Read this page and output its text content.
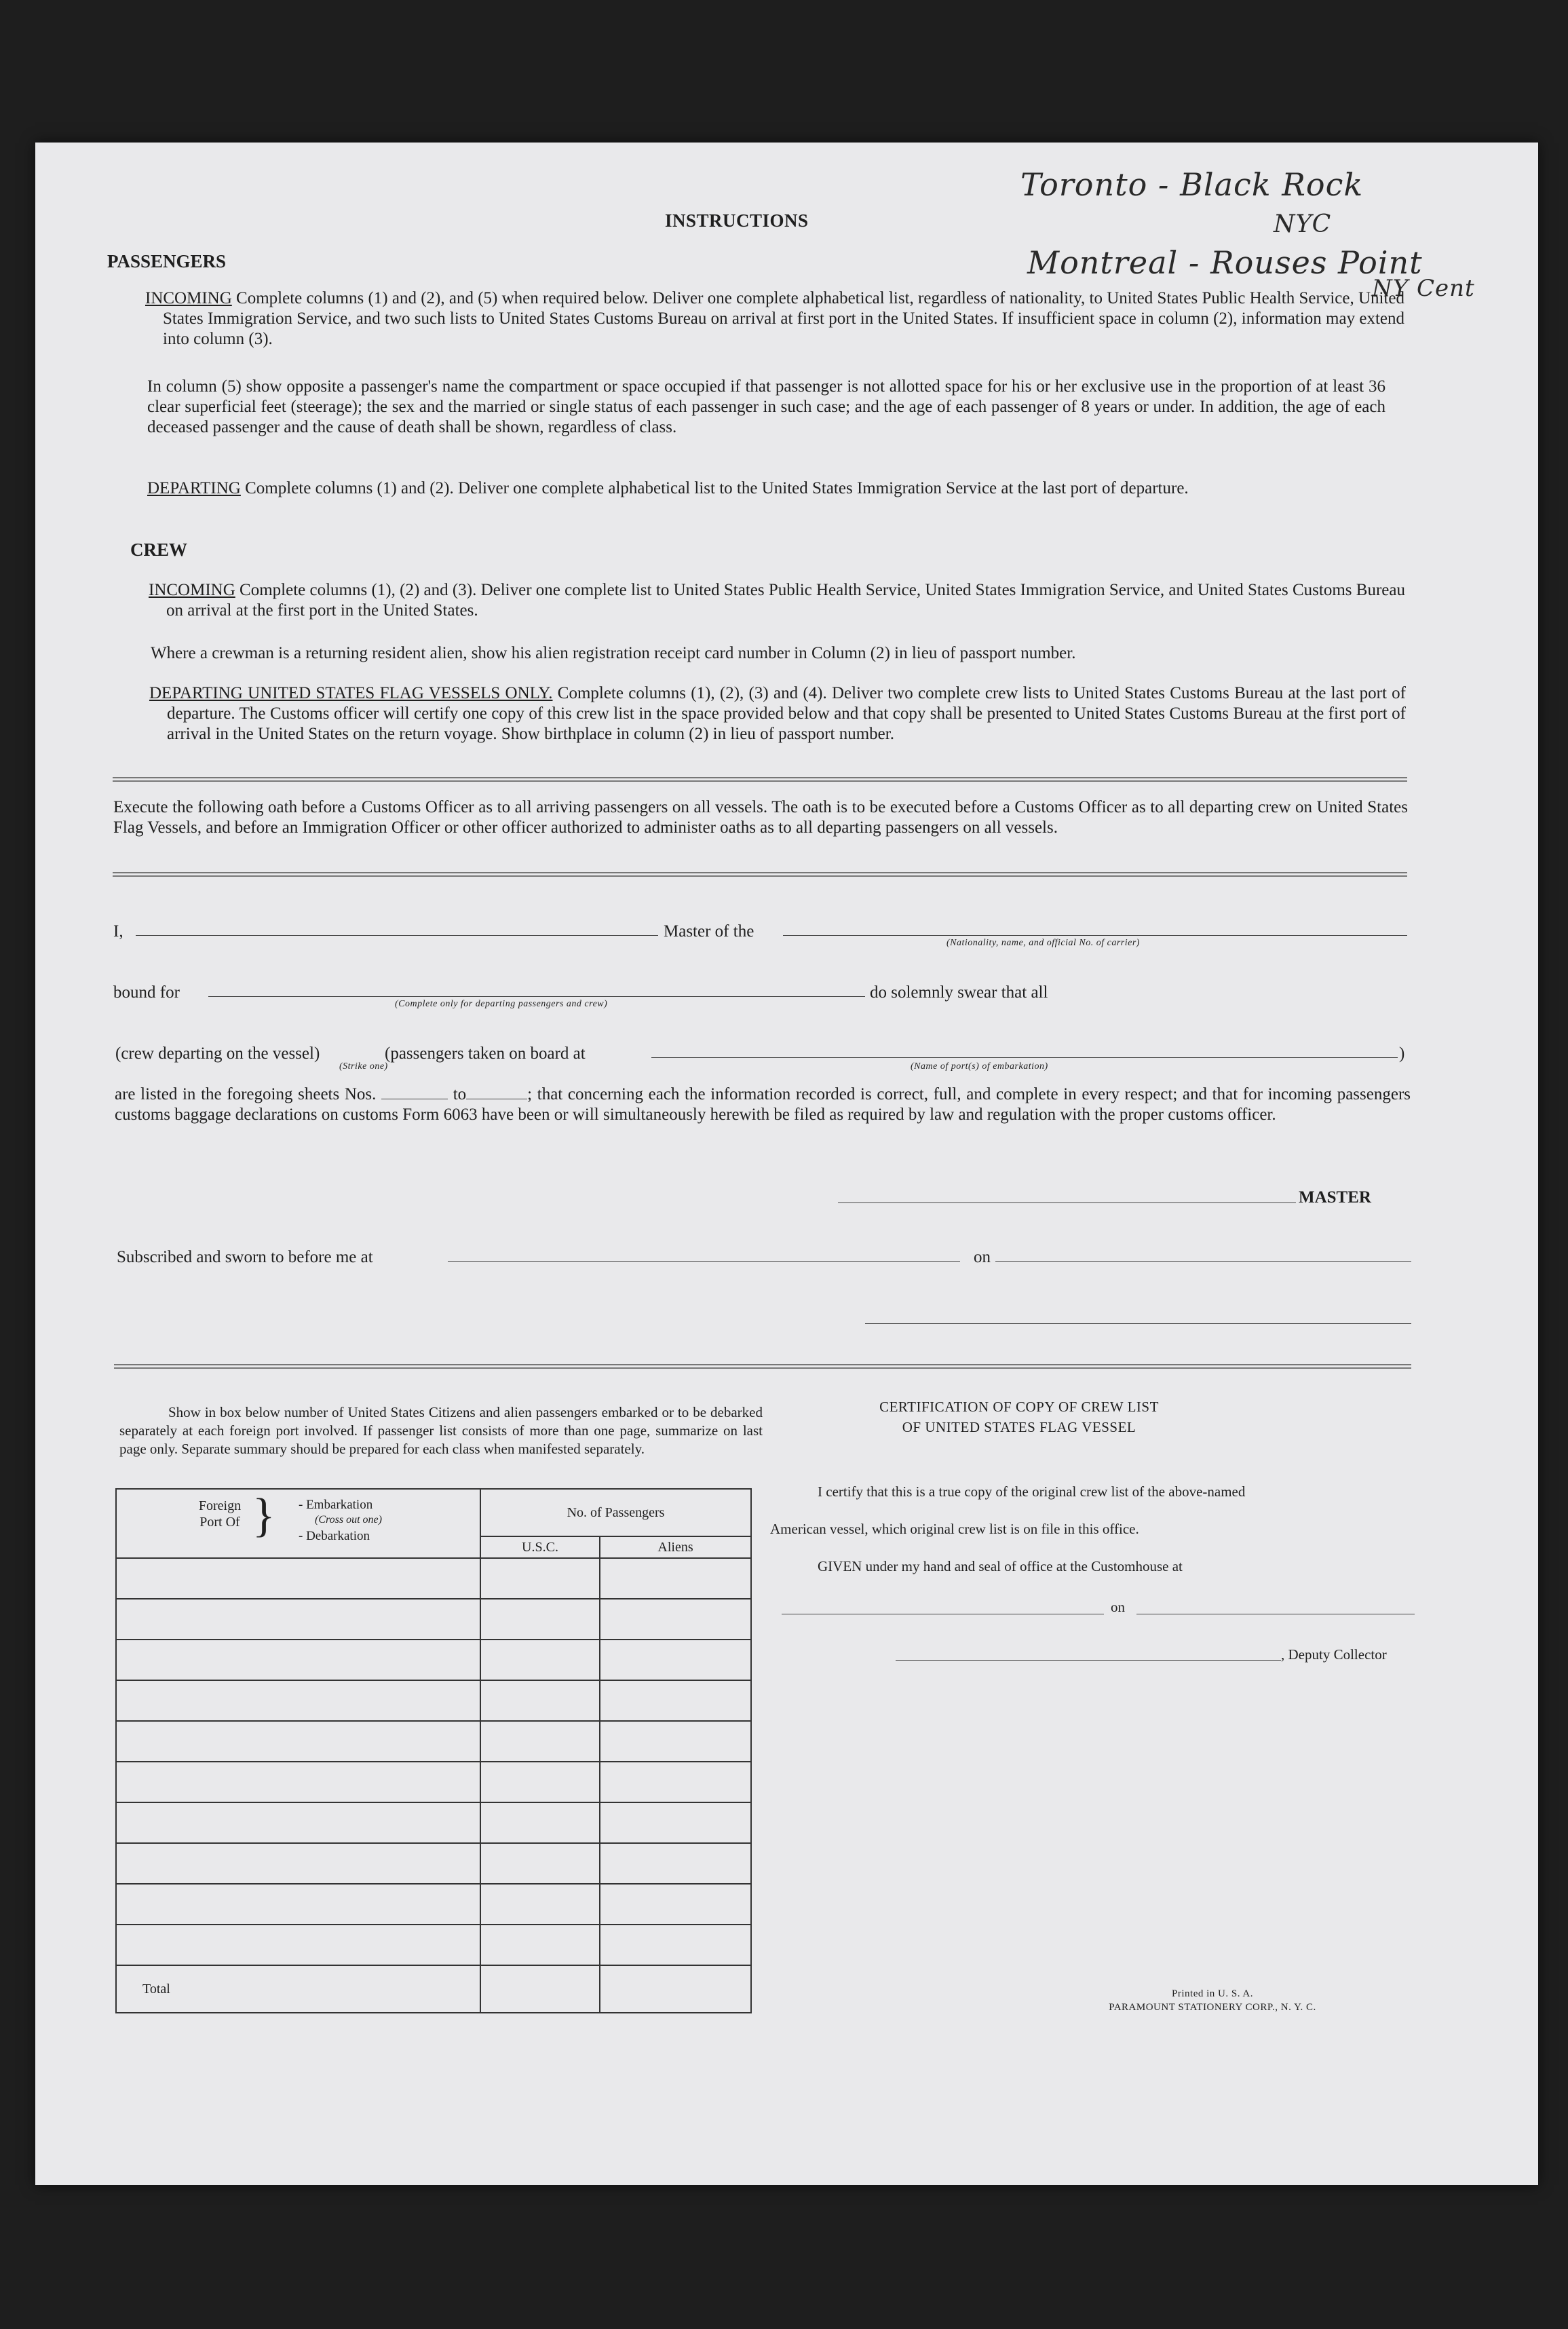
Toronto - Black Rock
NYC
Montreal - Rouses Point
NY Cent
INSTRUCTIONS
PASSENGERS
INCOMING Complete columns (1) and (2), and (5) when required below. Deliver one complete alphabetical list, regardless of nationality, to United States Public Health Service, United States Immigration Service, and two such lists to United States Customs Bureau on arrival at first port in the United States. If insufficient space in column (2), information may extend into column (3).
In column (5) show opposite a passenger's name the compartment or space occupied if that passenger is not allotted space for his or her exclusive use in the proportion of at least 36 clear superficial feet (steerage); the sex and the married or single status of each passenger in such case; and the age of each passenger of 8 years or under. In addition, the age of each deceased passenger and the cause of death shall be shown, regardless of class.
DEPARTING Complete columns (1) and (2). Deliver one complete alphabetical list to the United States Immigration Service at the last port of departure.
CREW
INCOMING Complete columns (1), (2) and (3). Deliver one complete list to United States Public Health Service, United States Immigration Service, and United States Customs Bureau on arrival at the first port in the United States.
Where a crewman is a returning resident alien, show his alien registration receipt card number in Column (2) in lieu of passport number.
DEPARTING UNITED STATES FLAG VESSELS ONLY. Complete columns (1), (2), (3) and (4). Deliver two complete crew lists to United States Customs Bureau at the last port of departure. The Customs officer will certify one copy of this crew list in the space provided below and that copy shall be presented to United States Customs Bureau at the first port of arrival in the United States on the return voyage. Show birthplace in column (2) in lieu of passport number.
Execute the following oath before a Customs Officer as to all arriving passengers on all vessels. The oath is to be executed before a Customs Officer as to all departing crew on United States Flag Vessels, and before an Immigration Officer or other officer authorized to administer oaths as to all departing passengers on all vessels.
I,	Master of the
(Nationality, name, and official No. of carrier)
bound for
(Complete only for departing passengers and crew)
do solemnly swear that all
(crew departing on the vessel)
(Strike one)
(passengers taken on board at	)
(Name of port(s) of embarkation)
are listed in the foregoing sheets Nos.	to	; that concerning each the information recorded is correct, full, and complete in every respect; and that for incoming passengers customs baggage declarations on customs Form 6063 have been or will simultaneously herewith be filed as required by law and regulation with the proper customs officer.
MASTER
Subscribed and sworn to before me at	on
Show in box below number of United States Citizens and alien passengers embarked or to be debarked separately at each foreign port involved. If passenger list consists of more than one page, summarize on last page only. Separate summary should be prepared for each class when manifested separately.
Foreign Port Of } - Embarkation
(Cross out one)
- Debarkation	No. of Passengers	
	U.S.C.	Aliens

Total		
CERTIFICATION OF COPY OF CREW LIST
OF UNITED STATES FLAG VESSEL
I certify that this is a true copy of the original crew list of the above-named
American vessel, which original crew list is on file in this office.
GIVEN under my hand and seal of office at the Customhouse at
on
, Deputy Collector
Printed in U. S. A.
PARAMOUNT STATIONERY CORP., N. Y. C.
